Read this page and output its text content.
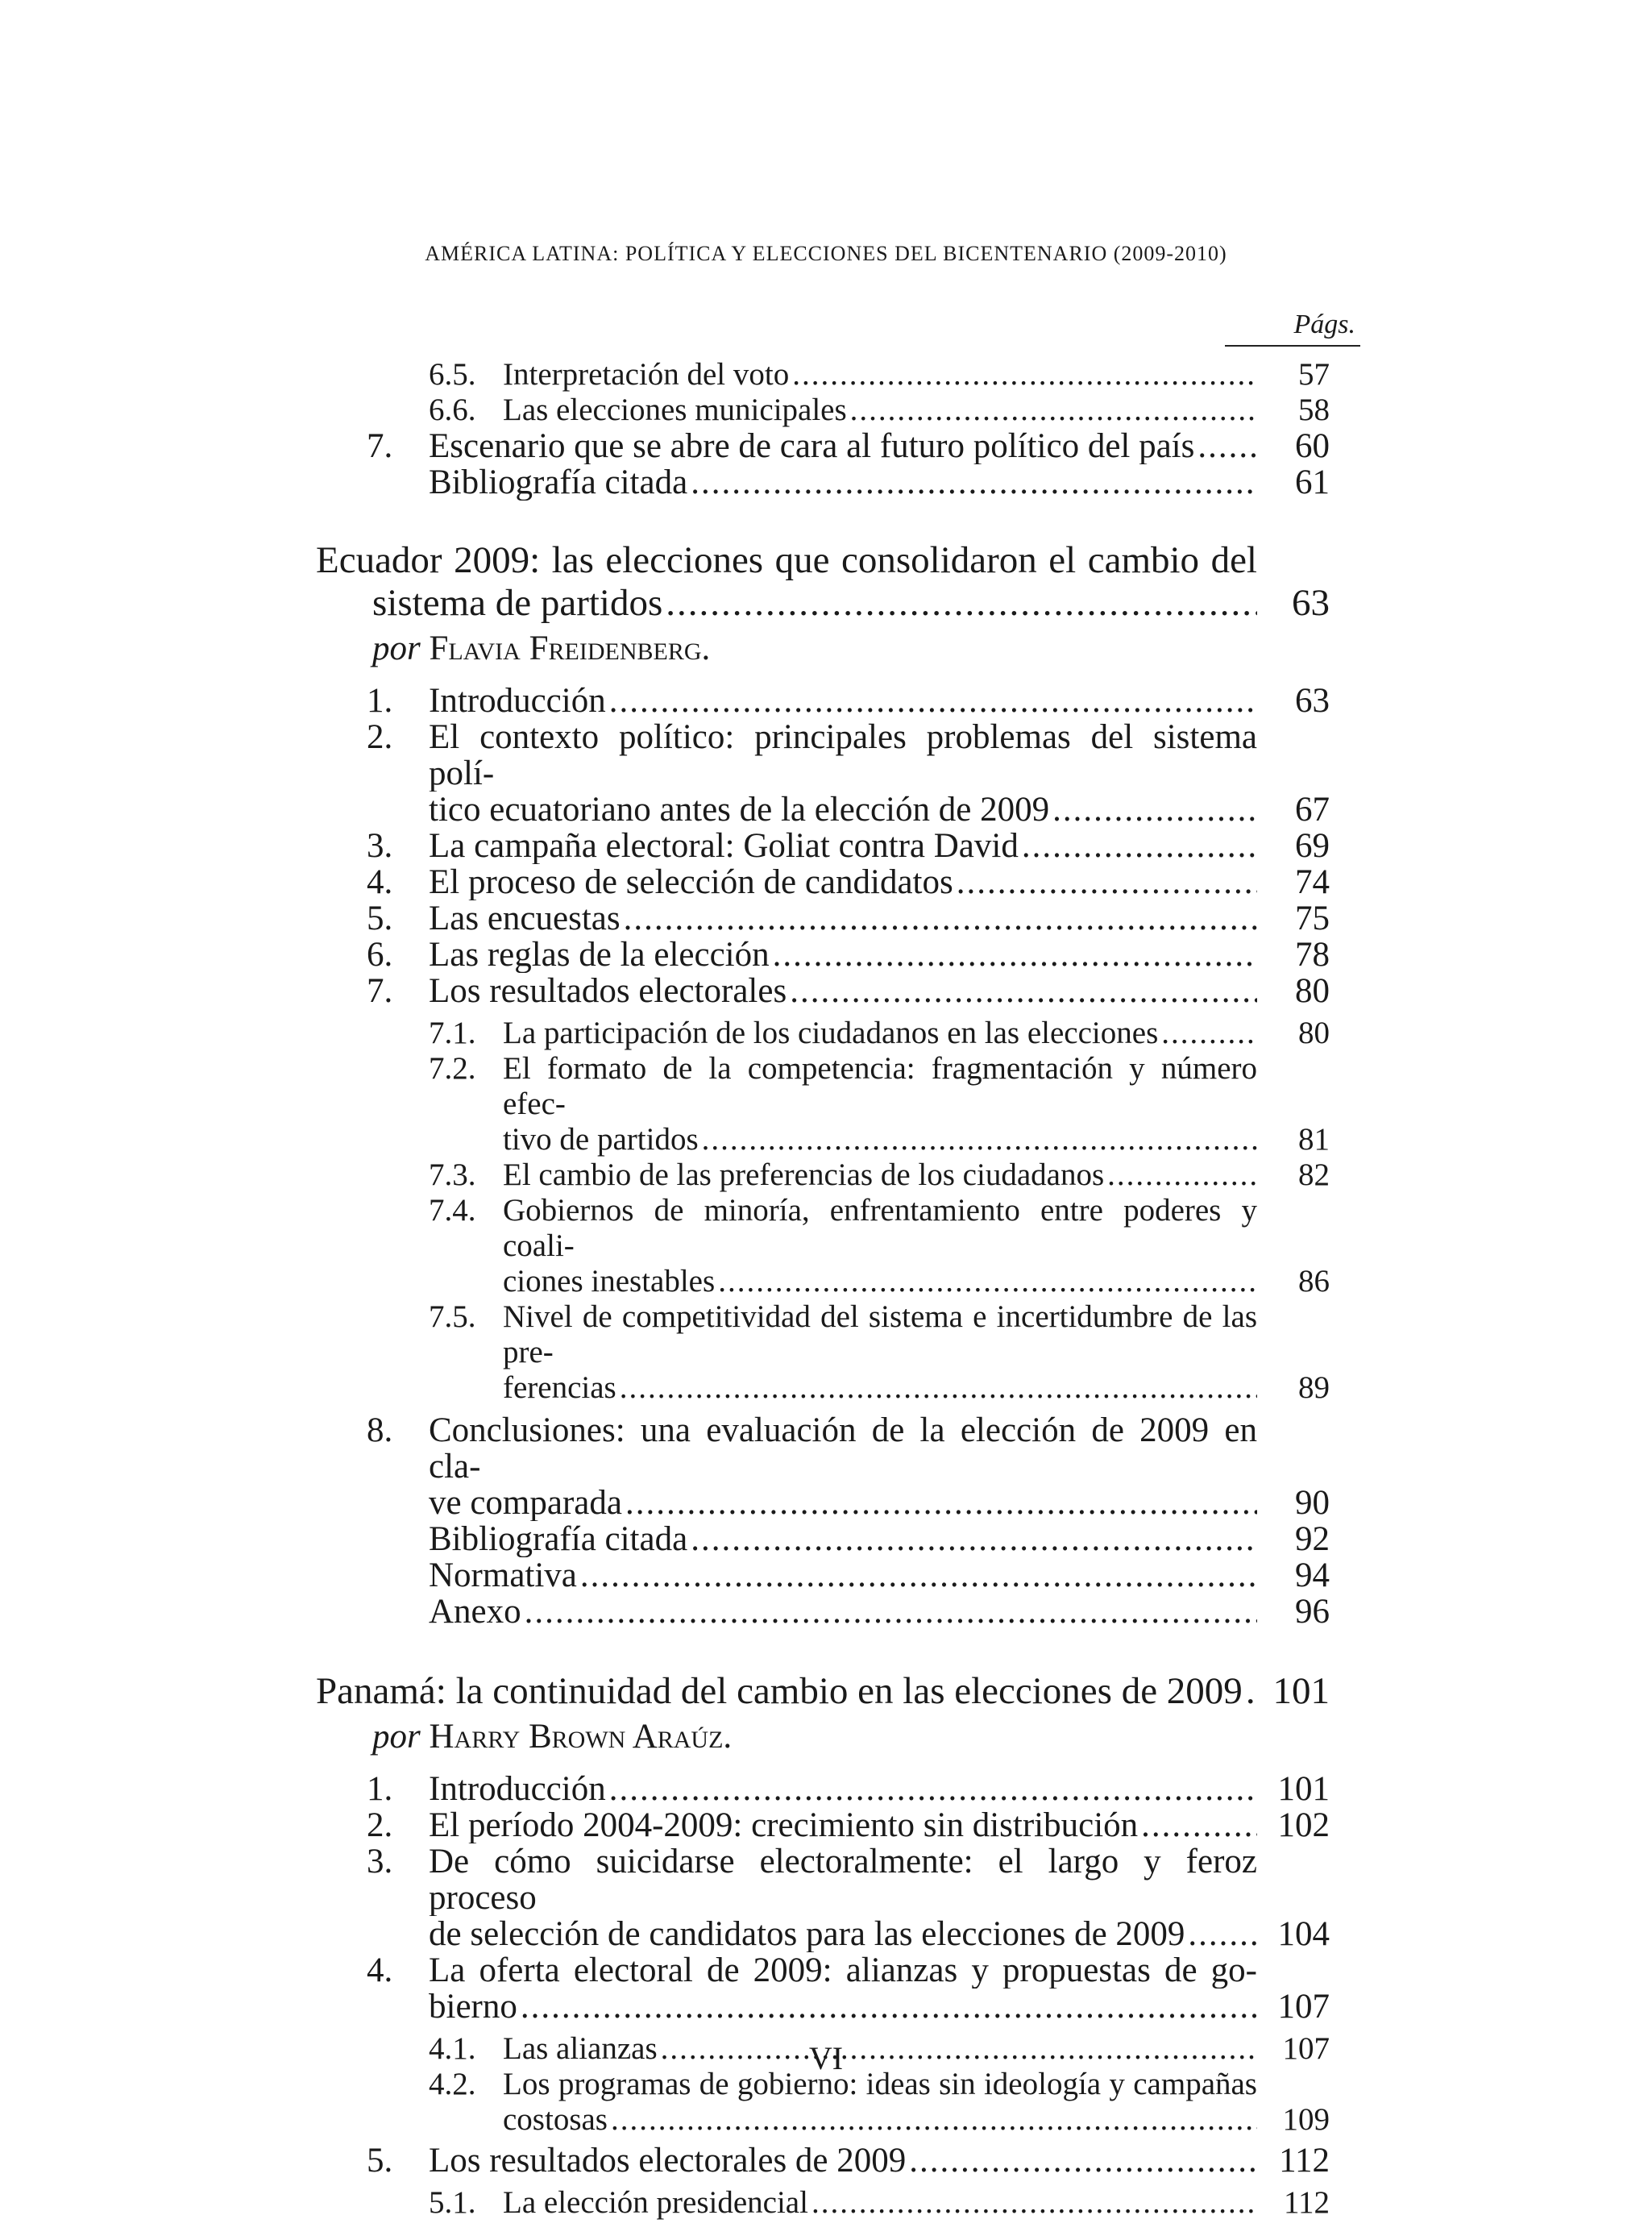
AMÉRICA LATINA: POLÍTICA Y ELECCIONES DEL BICENTENARIO (2009-2010)
Págs.
6.5. Interpretación del voto .....	57
6.6. Las elecciones municipales .....	58
7. Escenario que se abre de cara al futuro político del país .....	60
Bibliografía citada .....	61
Ecuador 2009: las elecciones que consolidaron el cambio del
sistema de partidos .....	63
por Flavia Freidenberg.
1. Introducción .....	63
2. El contexto político: principales problemas del sistema polí-
tico ecuatoriano antes de la elección de 2009 .....	67
3. La campaña electoral: Goliat contra David .....	69
4. El proceso de selección de candidatos .....	74
5. Las encuestas .....	75
6. Las reglas de la elección .....	78
7. Los resultados electorales .....	80
7.1. La participación de los ciudadanos en las elecciones .....	80
7.2. El formato de la competencia: fragmentación y número efec-
tivo de partidos .....	81
7.3. El cambio de las preferencias de los ciudadanos .....	82
7.4. Gobiernos de minoría, enfrentamiento entre poderes y coali-
ciones inestables .....	86
7.5. Nivel de competitividad del sistema e incertidumbre de las pre-
ferencias .....	89
8. Conclusiones: una evaluación de la elección de 2009 en cla-
ve comparada .....	90
Bibliografía citada .....	92
Normativa .....	94
Anexo .....	96
Panamá: la continuidad del cambio en las elecciones de 2009 ..... 101
por Harry Brown Araúz.
1. Introducción .....	101
2. El período 2004-2009: crecimiento sin distribución .....	102
3. De cómo suicidarse electoralmente: el largo y feroz proceso
de selección de candidatos para las elecciones de 2009 .....	104
4. La oferta electoral de 2009: alianzas y propuestas de go-
bierno .....	107
4.1. Las alianzas .....	107
4.2. Los programas de gobierno: ideas sin ideología y campañas
costosas .....	109
5. Los resultados electorales de 2009 .....	112
5.1. La elección presidencial .....	112
VI
